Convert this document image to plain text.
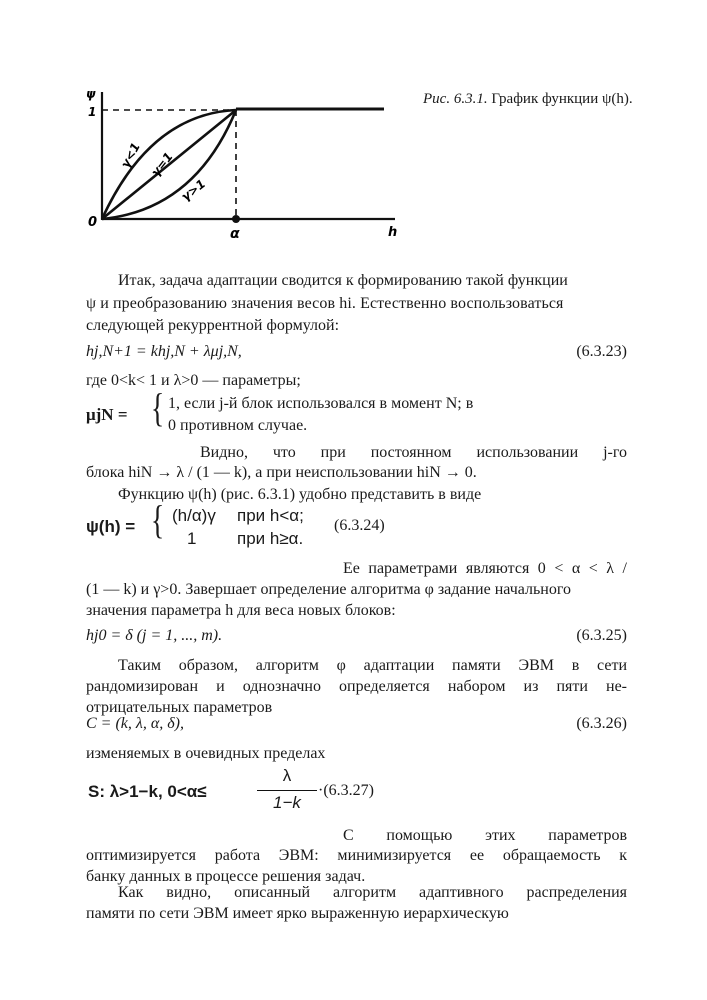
ψ
1
0
α	h
γ<1 γ=1
γ>1
Рис. 6.3.1. График функции ψ(h).
Итак, задача адаптации сводится к формированию такой функции
ψ и преобразованию значения весов hi. Естественно воспользоваться
следующей рекуррентной формулой:
hj,N+1 = khj,N + λμj,N,	(6.3.23)
где 0<k< 1 и λ>0 — параметры;
μjN = { 1, если j-й блок использовался в момент N; в
0 противном случае.
Видно, что при постоянном использовании j-го
блока hiN → λ / (1 — k), а при неиспользовании hiN → 0.
Функцию ψ(h) (рис. 6.3.1) удобно представить в виде
ψ(h) = { (h/α)γ при h<α;
1 при h≥α.
(6.3.24)
Ее параметрами являются 0 < α < λ /
(1 — k) и γ>0. Завершает определение алгоритма φ задание начального
значения параметра h для веса новых блоков:
hj0 = δ (j = 1, ..., m).	(6.3.25)
Таким образом, алгоритм φ адаптации памяти ЭВМ в сети
рандомизирован и однозначно определяется набором из пяти не-
отрицательных параметров
C = (k, λ, α, δ),	(6.3.26)
изменяемых в очевидных пределах
S: λ>1−k, 0<α≤
λ
1−k
·(6.3.27)
С помощью этих параметров
оптимизируется работа ЭВМ: минимизируется ее обращаемость к
банку данных в процессе решения задач.
Как видно, описанный алгоритм адаптивного распределения
памяти по сети ЭВМ имеет ярко выраженную иерархическую
